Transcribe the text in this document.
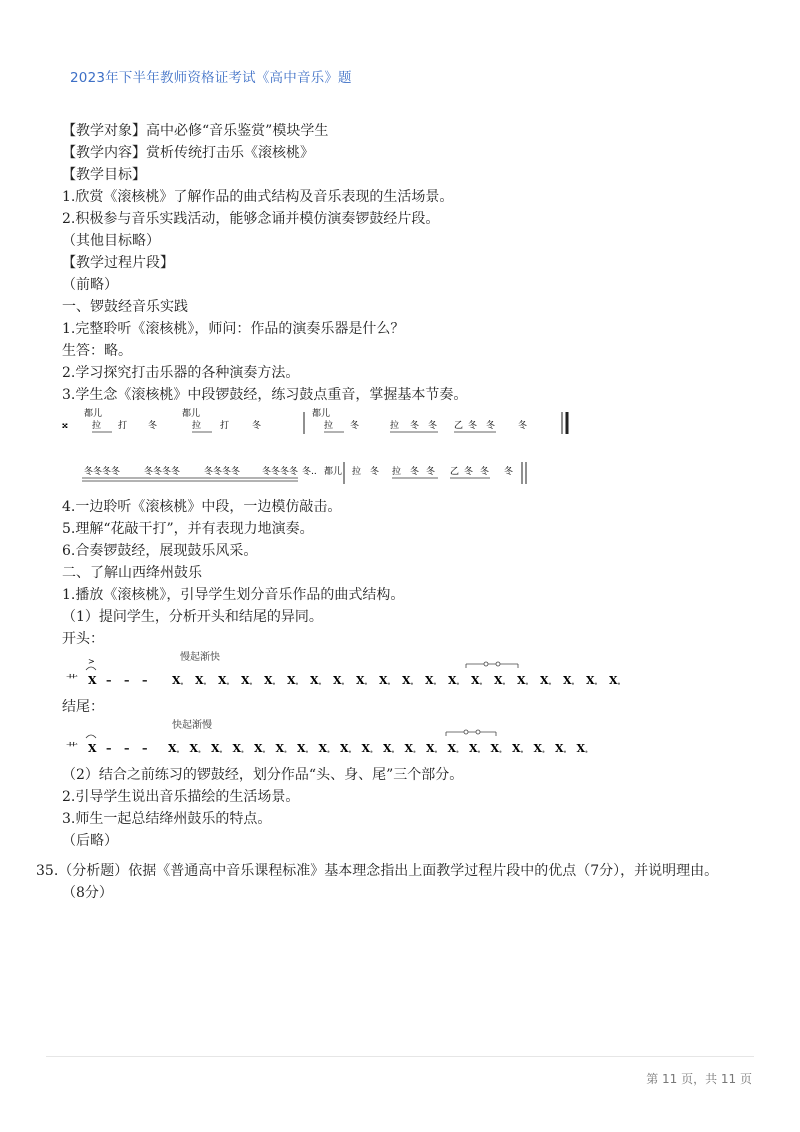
2023年下半年教师资格证考试《高中音乐》题
【教学对象】高中必修“音乐鉴赏”模块学生
【教学内容】赏析传统打击乐《滚核桃》
【教学目标】
1.欣赏《滚核桃》了解作品的曲式结构及音乐表现的生活场景。
2.积极参与音乐实践活动，能够念诵并模仿演奏锣鼓经片段。
（其他目标略）
【教学过程片段】
（前略）
一、锣鼓经音乐实践
1.完整聆听《滚核桃》，师问：作品的演奏乐器是什么？
生答：略。
2.学习探究打击乐器的各种演奏方法。
3.学生念《滚核桃》中段锣鼓经，练习鼓点重音，掌握基本节奏。
𝄪
都儿
拉 打 冬
都儿
拉 打	冬
都儿
拉 冬	拉 冬 冬 乙 冬 冬	冬
冬冬冬冬	冬冬冬冬	冬冬冬冬 冬冬冬冬 冬.. 都儿 拉 冬 拉 冬 冬 乙 冬 冬 冬
4.一边聆听《滚核桃》中段，一边模仿敲击。
5.理解“花敲干打”，并有表现力地演奏。
6.合奏锣鼓经，展现鼓乐风采。
二、了解山西绛州鼓乐
1.播放《滚核桃》，引导学生划分音乐作品的曲式结构。
（1）提问学生，分析开头和结尾的异同。
开头：
慢起渐快
艹
>
X – – – X • X • X • X • X • X • X • X • X • X • X • X • X • X • X • X • X • X • X • X •
结尾：
快起渐慢
艹 X – – – X • X • X • X • X • X • X • X • X • X • X • X • X • X • X • X • X • X • X • X •
（2）结合之前练习的锣鼓经，划分作品“头、身、尾”三个部分。
2.引导学生说出音乐描绘的生活场景。
3.师生一起总结绛州鼓乐的特点。
（后略）
35.（分析题）依据《普通高中音乐课程标准》基本理念指出上面教学过程片段中的优点（7分），并说明理由。
（8分）
第 11 页，共 11 页
